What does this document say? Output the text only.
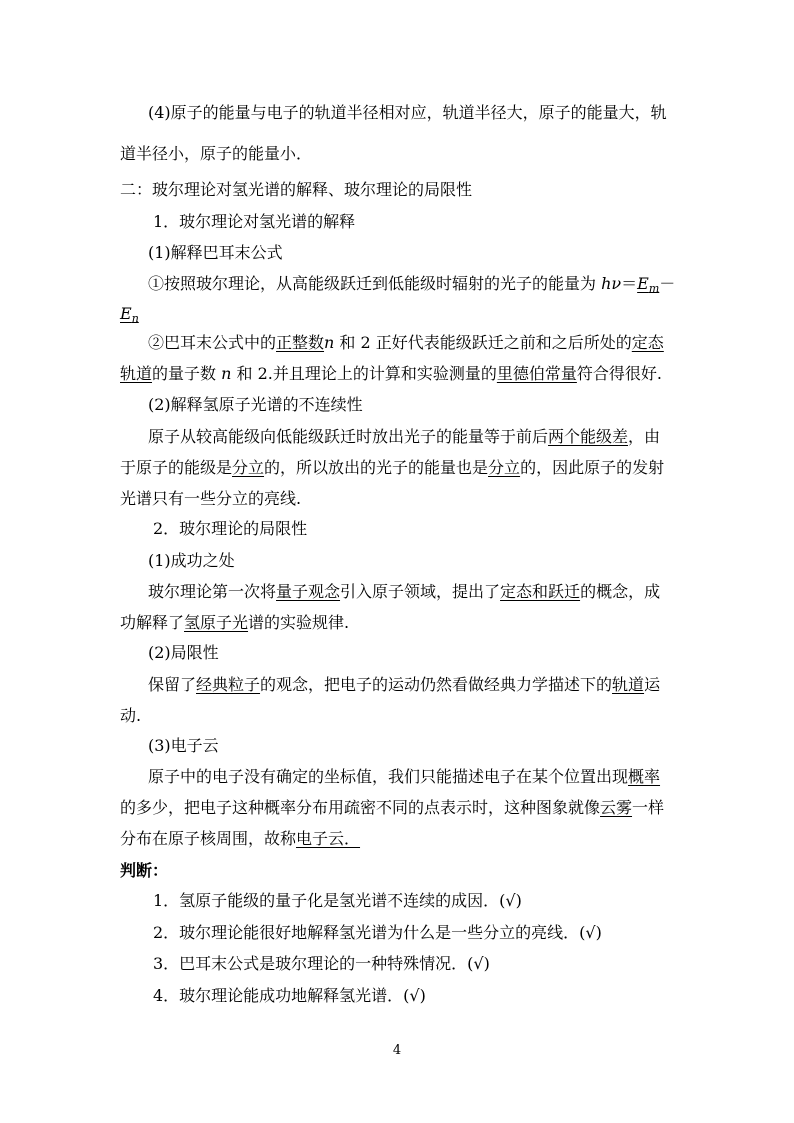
(4)原子的能量与电子的轨道半径相对应，轨道半径大，原子的能量大，轨
道半径小，原子的能量小．
二：玻尔理论对氢光谱的解释、玻尔理论的局限性
1．玻尔理论对氢光谱的解释
(1)解释巴耳末公式
①按照玻尔理论，从高能级跃迁到低能级时辐射的光子的能量为 $h\nu=E_m-$
$E_n$
②巴耳末公式中的正整数n 和 2 正好代表能级跃迁之前和之后所处的定态
轨道的量子数 n 和 2.并且理论上的计算和实验测量的里德伯常量符合得很好.
(2)解释氢原子光谱的不连续性
原子从较高能级向低能级跃迁时放出光子的能量等于前后两个能级差，由
于原子的能级是分立的，所以放出的光子的能量也是分立的，因此原子的发射
光谱只有一些分立的亮线.
2．玻尔理论的局限性
(1)成功之处
玻尔理论第一次将量子观念引入原子领域，提出了定态和跃迁的概念，成
功解释了氢原子光谱的实验规律.
(2)局限性
保留了经典粒子的观念，把电子的运动仍然看做经典力学描述下的轨道运
动.
(3)电子云
原子中的电子没有确定的坐标值，我们只能描述电子在某个位置出现概率
的多少，把电子这种概率分布用疏密不同的点表示时，这种图象就像云雾一样
分布在原子核周围，故称电子云．
判断：
1．氢原子能级的量子化是氢光谱不连续的成因．(√)
2．玻尔理论能很好地解释氢光谱为什么是一些分立的亮线．(√)
3．巴耳末公式是玻尔理论的一种特殊情况．(√)
4．玻尔理论能成功地解释氢光谱．(√)
4
